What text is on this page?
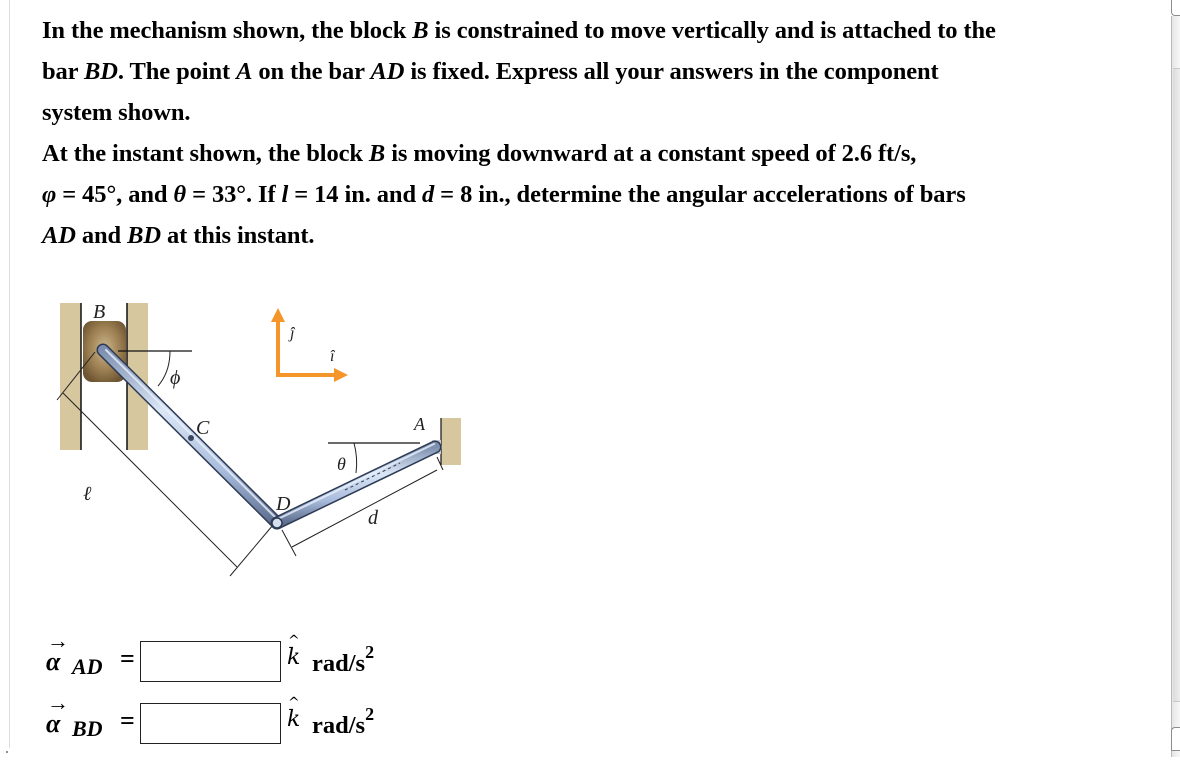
In the mechanism shown, the block B is constrained to move vertically and is attached to the

bar BD. The point A on the bar AD is fixed. Express all your answers in the component

system shown.

At the instant shown, the block B is moving downward at a constant speed of 2.6 ft/s,

φ = 45°, and θ = 33°. If l = 14 in. and d = 8 in., determine the angular accelerations of bars

AD and BD at this instant.

ℓ
ϕ
C
θ
D
A
d
ĵ
î
B
→
α AD =
^
k rad/$s^2$
→
α BD =
^
k rad/$s^2$
